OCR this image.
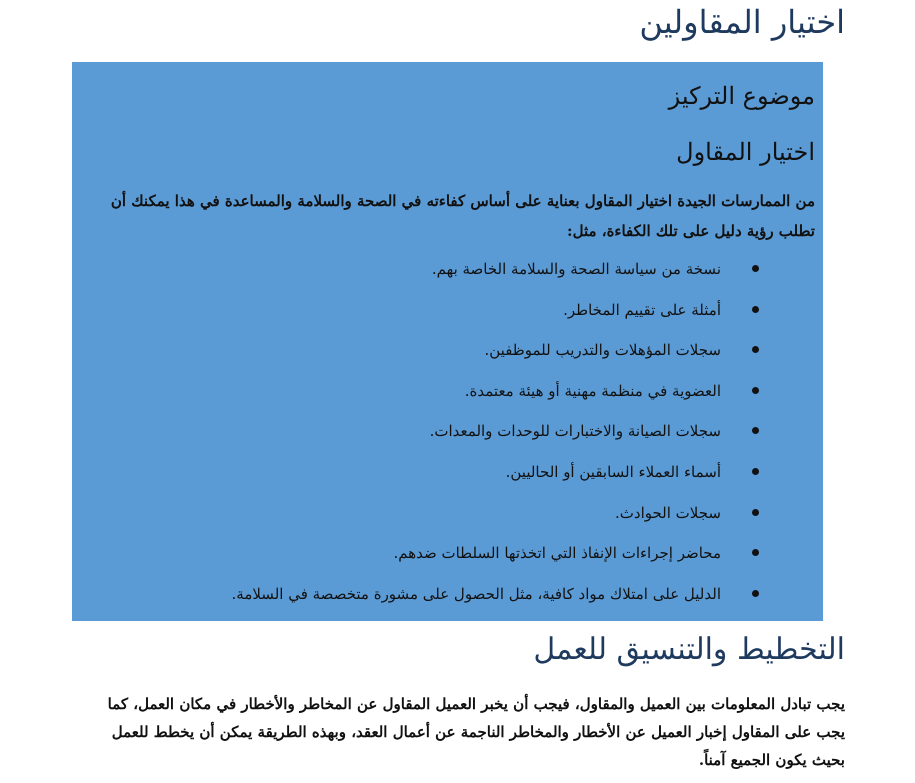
اختيار المقاولين
موضوع التركيز
اختيار المقاول

من الممارسات الجيدة اختيار المقاول بعناية على أساس كفاءته في الصحة والسلامة والمساعدة في هذا يمكنك أن تطلب رؤية دليل على تلك الكفاءة، مثل:

نسخة من سياسة الصحة والسلامة الخاصة بهم.
أمثلة على تقييم المخاطر.
سجلات المؤهلات والتدريب للموظفين.
العضوية في منظمة مهنية أو هيئة معتمدة.
سجلات الصيانة والاختبارات للوحدات والمعدات.
أسماء العملاء السابقين أو الحاليين.
سجلات الحوادث.
محاضر إجراءات الإنفاذ التي اتخذتها السلطات ضدهم.
الدليل على امتلاك مواد كافية، مثل الحصول على مشورة متخصصة في السلامة.
التخطيط والتنسيق للعمل

يجب تبادل المعلومات بين العميل والمقاول، فيجب أن يخبر العميل المقاول عن المخاطر والأخطار في مكان العمل، كما يجب على المقاول إخبار العميل عن الأخطار والمخاطر الناجمة عن أعمال العقد، وبهذه الطريقة يمكن أن يخطط للعمل بحيث يكون الجميع آمناً.
